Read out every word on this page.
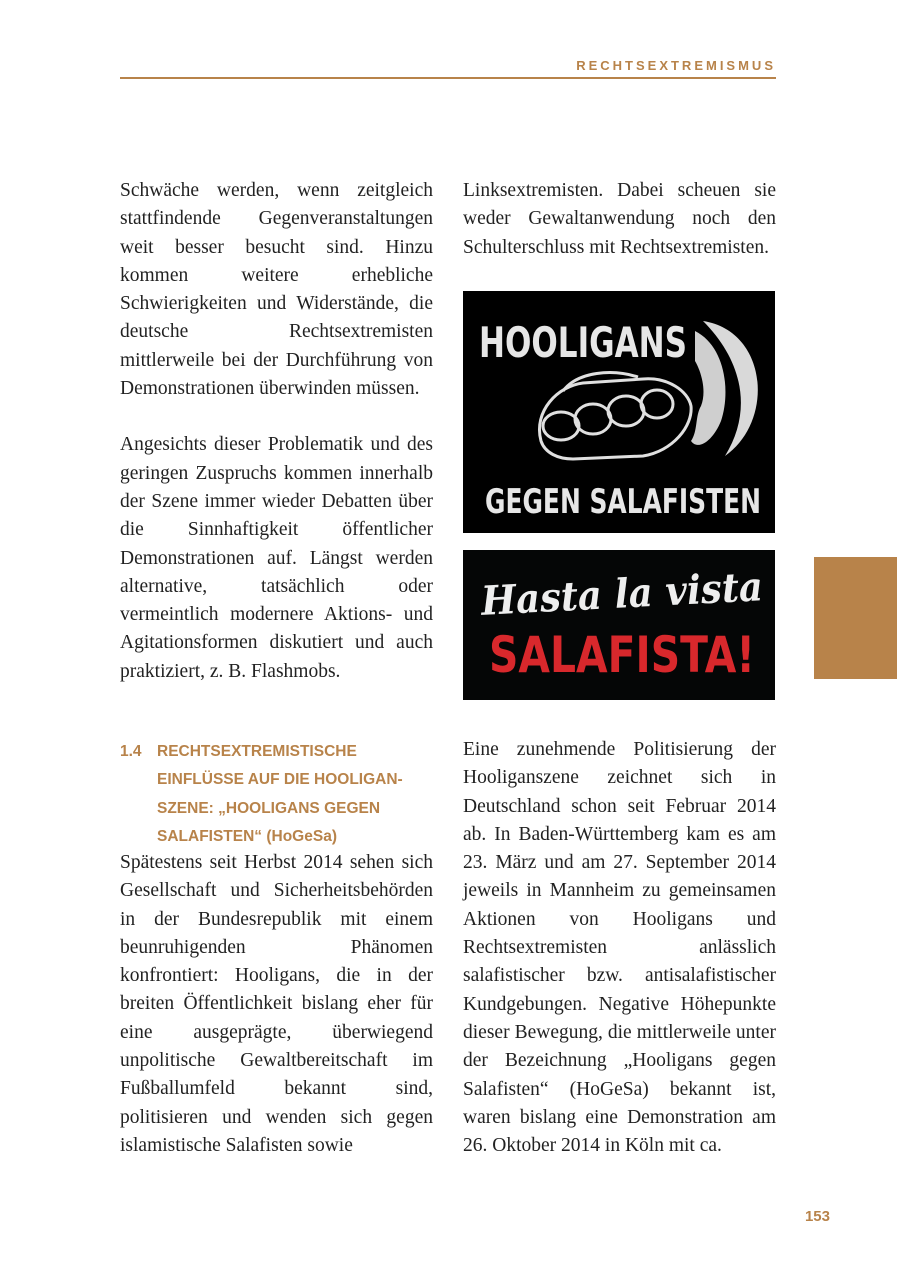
RECHTSEXTREMISMUS

Schwäche werden, wenn zeitgleich stattfindende Gegenveranstaltungen weit besser besucht sind. Hinzu kommen weitere erhebliche Schwierigkeiten und Widerstände, die deutsche Rechtsextremisten mittlerweile bei der Durchführung von Demonstrationen überwinden müssen.

Angesichts dieser Problematik und des geringen Zuspruchs kommen innerhalb der Szene immer wieder Debatten über die Sinnhaftigkeit öffentlicher Demonstrationen auf. Längst werden alternative, tatsächlich oder vermeintlich modernere Aktions- und Agitationsformen diskutiert und auch praktiziert, z. B. Flashmobs.

Linksextremisten. Dabei scheuen sie weder Gewaltanwendung noch den Schulterschluss mit Rechtsextremisten.

HOOLIGANS
GEGEN SALAFISTEN
Hasta la vista
SALAFISTA!
1.4 RECHTSEXTREMISTISCHE
EINFLÜSSE AUF DIE HOOLIGAN-
SZENE: „HOOLIGANS GEGEN
SALAFISTEN“ (HoGeSa)

Spätestens seit Herbst 2014 sehen sich Gesellschaft und Sicherheitsbehörden in der Bundesrepublik mit einem beunruhigenden Phänomen konfrontiert: Hooligans, die in der breiten Öffentlichkeit bislang eher für eine ausgeprägte, überwiegend unpolitische Gewaltbereitschaft im Fußballumfeld bekannt sind, politisieren und wenden sich gegen islamistische Salafisten sowie

Eine zunehmende Politisierung der Hooliganszene zeichnet sich in Deutschland schon seit Februar 2014 ab. In Baden-Württemberg kam es am 23. März und am 27. September 2014 jeweils in Mannheim zu gemeinsamen Aktionen von Hooligans und Rechtsextremisten anlässlich salafistischer bzw. antisalafistischer Kundgebungen. Negative Höhepunkte dieser Bewegung, die mittlerweile unter der Bezeichnung „Hooligans gegen Salafisten“ (HoGeSa) bekannt ist, waren bislang eine Demonstration am 26. Oktober 2014 in Köln mit ca.

153
